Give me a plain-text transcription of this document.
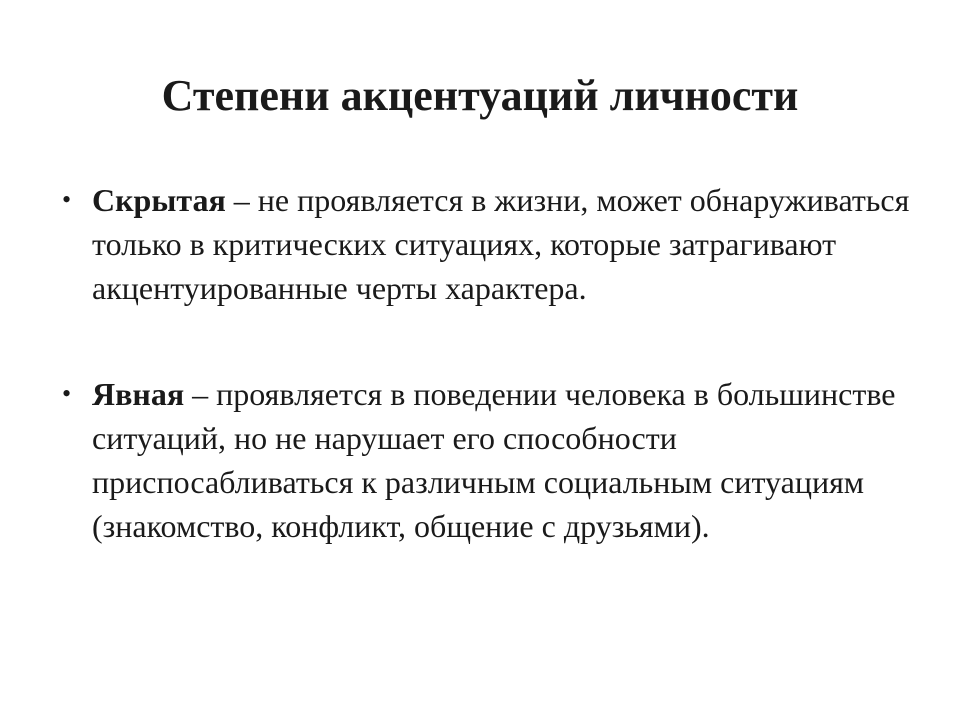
Степени акцентуаций личности
• Скрытая – не проявляется в жизни, может обнаруживаться только в критических ситуациях, которые затрагивают акцентуированные черты характера.
• Явная – проявляется в поведении человека в большинстве ситуаций, но не нарушает его способности приспосабливаться к различным социальным ситуациям (знакомство, конфликт, общение с друзьями).
